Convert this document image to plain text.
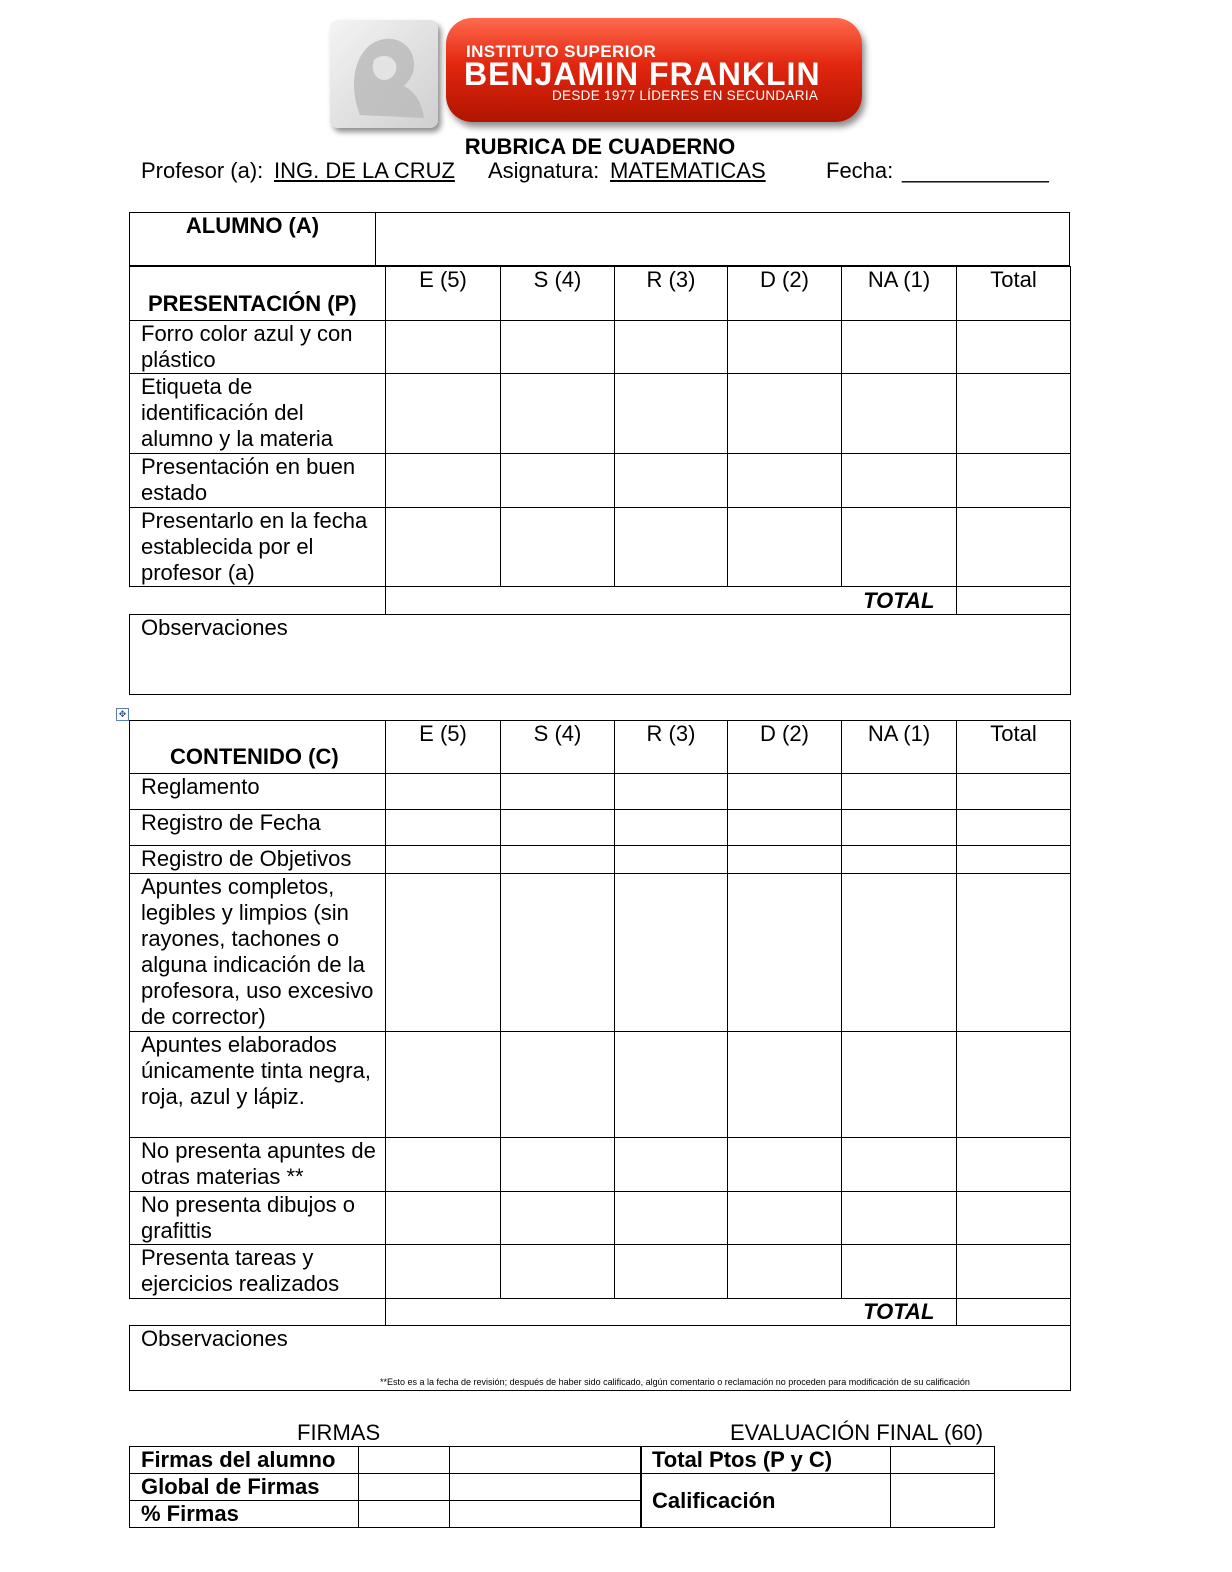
INSTITUTO SUPERIOR
BENJAMIN FRANKLIN
DESDE 1977 LÍDERES EN SECUNDARIA
RUBRICA DE CUADERNO
Profesor (a): ING. DE LA CRUZ Asignatura: MATEMATICAS	Fecha: ____________
ALUMNO (A)	
PRESENTACIÓN (P)	E (5)	S (4)	R (3)	D (2)	NA (1)	Total
Forro color azul y con plástico						
Etiqueta de identificación del alumno y la materia						
Presentación en buen estado						
Presentarlo en la fecha establecida por el profesor (a)						
					TOTAL	
Observaciones						
✥
CONTENIDO (C)	E (5)	S (4)	R (3)	D (2)	NA (1)	Total
Reglamento						
Registro de Fecha						
Registro de Objetivos						
Apuntes completos, legibles y limpios (sin rayones, tachones o alguna indicación de la profesora, uso excesivo de corrector)						
Apuntes elaborados únicamente tinta negra, roja, azul y lápiz.						
No presenta apuntes de otras materias **						
No presenta dibujos o grafittis						
Presenta tareas y ejercicios realizados						
					TOTAL	
Observaciones
**Esto es a la fecha de revisión; después de haber sido calificado, algún comentario o reclamación no proceden para modificación de su calificación						
FIRMAS	EVALUACIÓN FINAL (60)
Firmas del alumno		
Global de Firmas		
% Firmas		
Total Ptos (P y C)	
Calificación	
